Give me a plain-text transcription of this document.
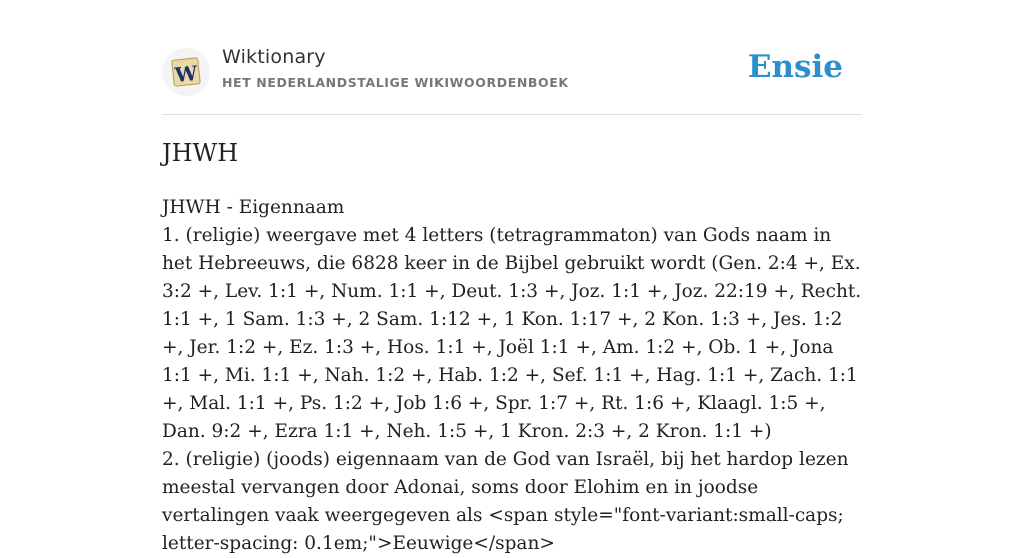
W
Wiktionary
HET NEDERLANDSTALIGE WIKIWOORDENBOEK	Ensie
JHWH

JHWH - Eigennaam

1. (religie) weergave met 4 letters (tetragrammaton) van Gods naam in het Hebreeuws, die 6828 keer in de Bijbel gebruikt wordt (Gen. 2:4 +, Ex. 3:2 +, Lev. 1:1 +, Num. 1:1 +, Deut. 1:3 +, Joz. 1:1 +, Joz. 22:19 +, Recht. 1:1 +, 1 Sam. 1:3 +, 2 Sam. 1:12 +, 1 Kon. 1:17 +, 2 Kon. 1:3 +, Jes. 1:2 +, Jer. 1:2 +, Ez. 1:3 +, Hos. 1:1 +, Joël 1:1 +, Am. 1:2 +, Ob. 1 +, Jona 1:1 +, Mi. 1:1 +, Nah. 1:2 +, Hab. 1:2 +, Sef. 1:1 +, Hag. 1:1 +, Zach. 1:1 +, Mal. 1:1 +, Ps. 1:2 +, Job 1:6 +, Spr. 1:7 +, Rt. 1:6 +, Klaagl. 1:5 +, Dan. 9:2 +, Ezra 1:1 +, Neh. 1:5 +, 1 Kron. 2:3 +, 2 Kron. 1:1 +)

2. (religie) (joods) eigennaam van de God van Israël, bij het hardop lezen meestal vervangen door Adonai, soms door Elohim en in joodse vertalingen vaak weergegeven als <span style="font-variant:small-caps; letter-spacing: 0.1em;">Eeuwige</span>
